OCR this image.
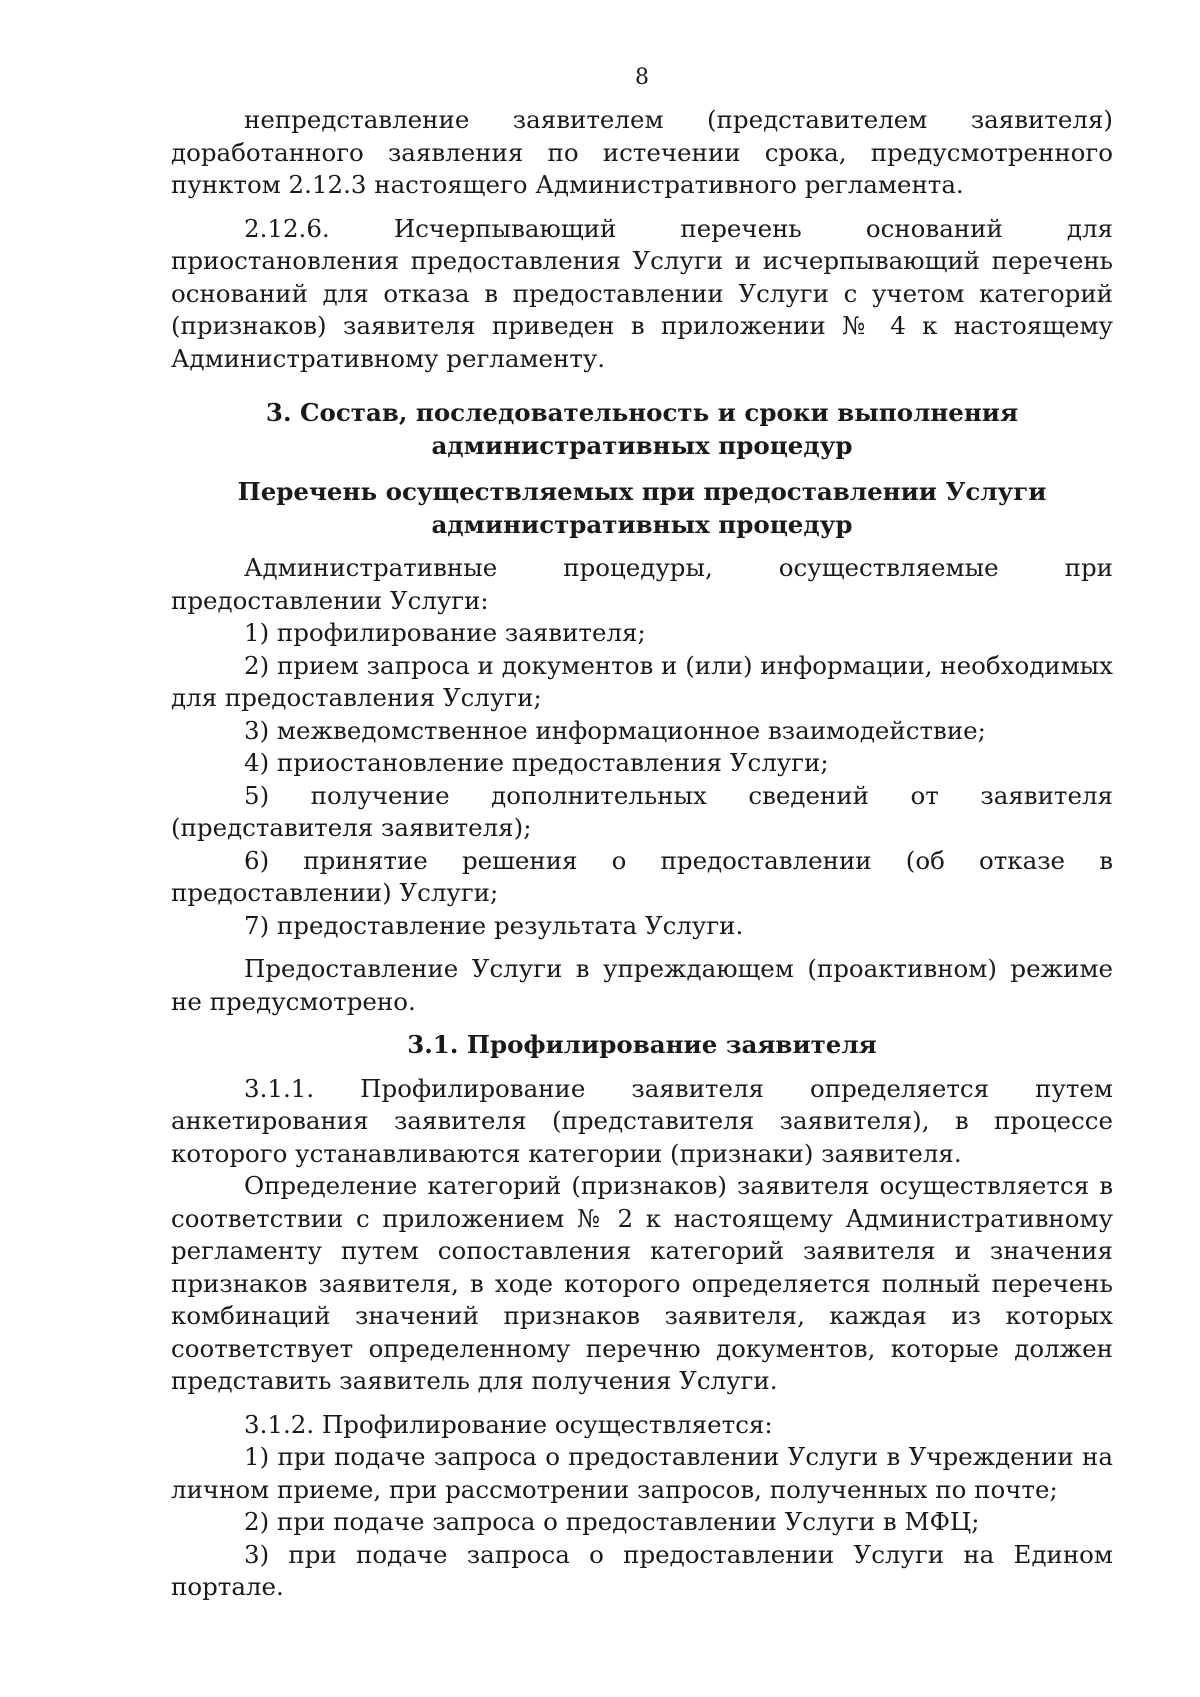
8

непредставление заявителем (представителем заявителя) доработанного заявления по истечении срока, предусмотренного пунктом 2.12.3 настоящего Административного регламента.

2.12.6. Исчерпывающий перечень оснований для приостановления предоставления Услуги и исчерпывающий перечень оснований для отказа в предоставлении Услуги с учетом категорий (признаков) заявителя приведен в приложении № 4 к настоящему Административному регламенту.

3. Состав, последовательность и сроки выполнения административных процедур

Перечень осуществляемых при предоставлении Услуги административных процедур

Административные процедуры, осуществляемые при предоставлении Услуги:

1) профилирование заявителя;
2) прием запроса и документов и (или) информации, необходимых для предоставления Услуги;
3) межведомственное информационное взаимодействие;
4) приостановление предоставления Услуги;
5) получение дополнительных сведений от заявителя (представителя заявителя);
6) принятие решения о предоставлении (об отказе в предоставлении) Услуги;
7) предоставление результата Услуги.

Предоставление Услуги в упреждающем (проактивном) режиме не предусмотрено.

3.1. Профилирование заявителя

3.1.1. Профилирование заявителя определяется путем анкетирования заявителя (представителя заявителя), в процессе которого устанавливаются категории (признаки) заявителя.

Определение категорий (признаков) заявителя осуществляется в соответствии с приложением № 2 к настоящему Административному регламенту путем сопоставления категорий заявителя и значения признаков заявителя, в ходе которого определяется полный перечень комбинаций значений признаков заявителя, каждая из которых соответствует определенному перечню документов, которые должен представить заявитель для получения Услуги.

3.1.2. Профилирование осуществляется:

1) при подаче запроса о предоставлении Услуги в Учреждении на личном приеме, при рассмотрении запросов, полученных по почте;
2) при подаче запроса о предоставлении Услуги в МФЦ;
3) при подаче запроса о предоставлении Услуги на Едином портале.
